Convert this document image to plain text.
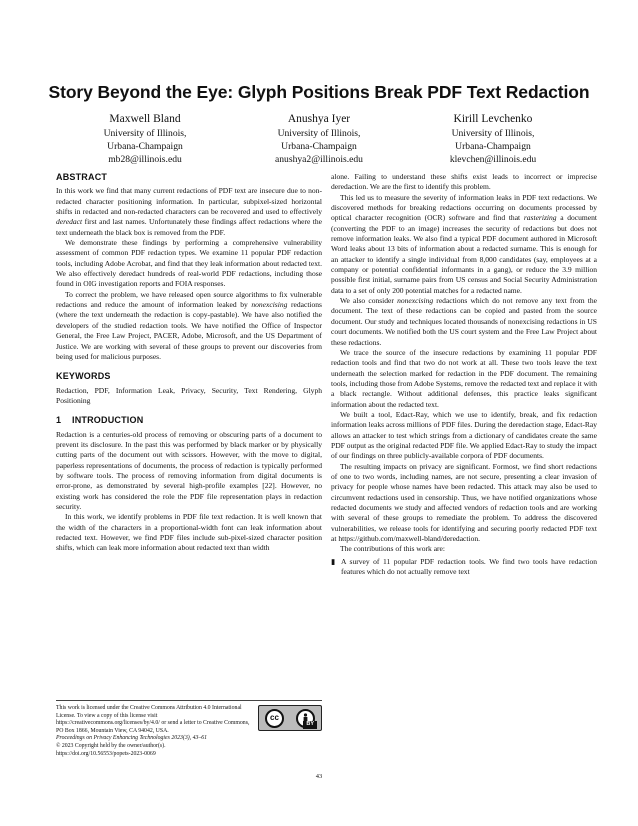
Story Beyond the Eye: Glyph Positions Break PDF Text Redaction
Maxwell Bland
University of Illinois,
Urbana-Champaign
mb28@illinois.edu
Anushya Iyer
University of Illinois,
Urbana-Champaign
anushya2@illinois.edu
Kirill Levchenko
University of Illinois,
Urbana-Champaign
klevchen@illinois.edu
ABSTRACT

In this work we find that many current redactions of PDF text are insecure due to non-redacted character positioning information. In particular, subpixel-sized horizontal shifts in redacted and non-redacted characters can be recovered and used to effectively deredact first and last names. Unfortunately these findings affect redactions where the text underneath the black box is removed from the PDF.

We demonstrate these findings by performing a comprehensive vulnerability assessment of common PDF redaction types. We examine 11 popular PDF redaction tools, including Adobe Acrobat, and find that they leak information about redacted text. We also effectively deredact hundreds of real-world PDF redactions, including those found in OIG investigation reports and FOIA responses.

To correct the problem, we have released open source algorithms to fix vulnerable redactions and reduce the amount of information leaked by nonexcising redactions (where the text underneath the redaction is copy-pastable). We have also notified the developers of the studied redaction tools. We have notified the Office of Inspector General, the Free Law Project, PACER, Adobe, Microsoft, and the US Department of Justice. We are working with several of these groups to prevent our discoveries from being used for malicious purposes.

KEYWORDS

Redaction, PDF, Information Leak, Privacy, Security, Text Rendering, Glyph Positioning

1 INTRODUCTION

Redaction is a centuries-old process of removing or obscuring parts of a document to prevent its disclosure. In the past this was performed by black marker or by physically cutting parts of the document out with scissors. However, with the move to digital, paperless representations of documents, the process of redaction is typically performed by software tools. The process of removing information from digital documents is error-prone, as demonstrated by several high-profile examples [22]. However, no existing work has considered the role the PDF file representation plays in redaction security.

In this work, we identify problems in PDF file text redaction. It is well known that the width of the characters in a proportional-width font can leak information about redacted text. However, we find PDF files include sub-pixel-sized character position shifts, which can leak more information about redacted text than width

This work is licensed under the Creative Commons Attribution 4.0 International License. To view a copy of this license visit https://creativecommons.org/licenses/by/4.0/ or send a letter to Creative Commons, PO Box 1866, Mountain View, CA 94042, USA.
cc
BY
Proceedings on Privacy Enhancing Technologies 2023(3), 43–61
© 2023 Copyright held by the owner/author(s).
https://doi.org/10.56553/popets-2023-0069

alone. Failing to understand these shifts exist leads to incorrect or imprecise deredaction. We are the first to identify this problem.

This led us to measure the severity of information leaks in PDF text redactions. We discovered methods for breaking redactions occurring on documents processed by optical character recognition (OCR) software and find that rasterizing a document (converting the PDF to an image) increases the security of redactions but does not remove information leaks. We also find a typical PDF document authored in Microsoft Word leaks about 13 bits of information about a redacted surname. This is enough for an attacker to identify a single individual from 8,000 candidates (say, employees at a company or potential confidential informants in a gang), or reduce the 3.9 million possible first initial, surname pairs from US census and Social Security Administration data to a set of only 200 potential matches for a redacted name.

We also consider nonexcising redactions which do not remove any text from the document. The text of these redactions can be copied and pasted from the source document. Our study and techniques located thousands of nonexcising redactions in US court documents. We notified both the US court system and the Free Law Project about these redactions.

We trace the source of the insecure redactions by examining 11 popular PDF redaction tools and find that two do not work at all. These two tools leave the text underneath the selection marked for redaction in the PDF document. The remaining tools, including those from Adobe Systems, remove the redacted text and replace it with a black rectangle. Without additional defenses, this practice leaks significant information about the redacted text.

We built a tool, Edact-Ray, which we use to identify, break, and fix redaction information leaks across millions of PDF files. During the deredaction stage, Edact-Ray allows an attacker to test which strings from a dictionary of candidates create the same PDF output as the original redacted PDF file. We applied Edact-Ray to study the impact of our findings on three publicly-available corpora of PDF documents.

The resulting impacts on privacy are significant. Formost, we find short redactions of one to two words, including names, are not secure, presenting a clear invasion of privacy for people whose names have been redacted. This attack may also be used to circumvent redactions used in censorship. Thus, we have notified organizations whose redacted documents we study and affected vendors of redaction tools and are working with several of these groups to remediate the problem. To address the discovered vulnerabilities, we release tools for identifying and securing poorly redacted PDF text at https://github.com/maxwell-bland/deredaction.

The contributions of this work are:

▮ A survey of 11 popular PDF redaction tools. We find two tools have redaction features which do not actually remove text
43
